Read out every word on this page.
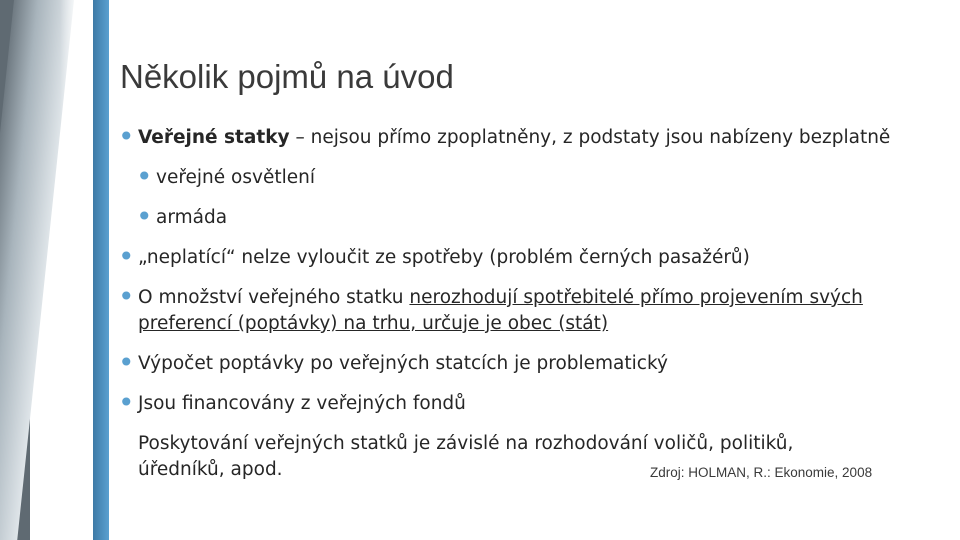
Několik pojmů na úvod

• Veřejné statky – nejsou přímo zpoplatněny, z podstaty jsou nabízeny bezplatně

• veřejné osvětlení

• armáda

• „neplatící“ nelze vyloučit ze spotřeby (problém černých pasažérů)

• O množství veřejného statku nerozhodují spotřebitelé přímo projevením svých preferencí (poptávky) na trhu, určuje je obec (stát)

• Výpočet poptávky po veřejných statcích je problematický

• Jsou financovány z veřejných fondů

Poskytování veřejných statků je závislé na rozhodování voličů, politiků, úředníků, apod.	Zdroj: HOLMAN, R.: Ekonomie, 2008
